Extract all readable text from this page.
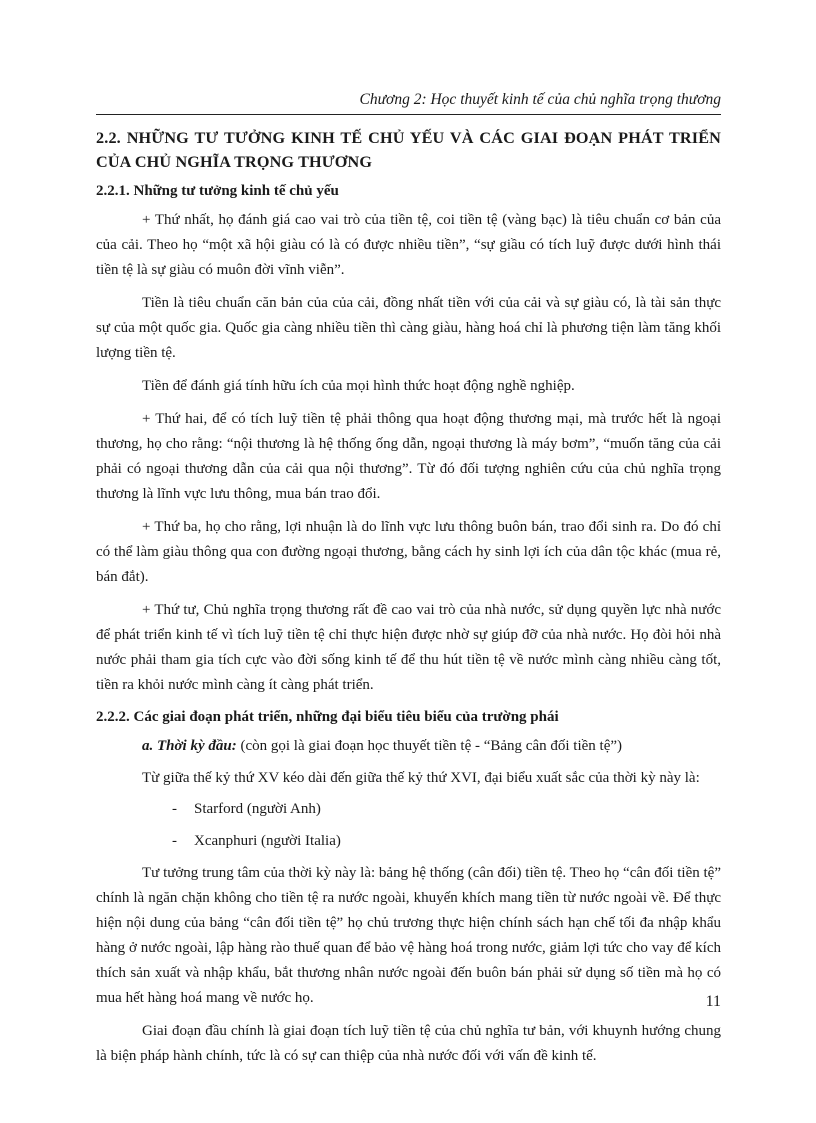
Chương 2: Học thuyết kinh tế của chủ nghĩa trọng thương
2.2. NHỮNG TƯ TƯỞNG KINH TẾ CHỦ YẾU VÀ CÁC GIAI ĐOẠN PHÁT TRIỂN CỦA CHỦ NGHĨA TRỌNG THƯƠNG
2.2.1. Những tư tưởng kinh tế chủ yếu

+ Thứ nhất, họ đánh giá cao vai trò của tiền tệ, coi tiền tệ (vàng bạc) là tiêu chuẩn cơ bản của của cải. Theo họ “một xã hội giàu có là có được nhiều tiền”, “sự giầu có tích luỹ được dưới hình thái tiền tệ là sự giàu có muôn đời vĩnh viễn”.

Tiền là tiêu chuẩn căn bản của của cải, đồng nhất tiền với của cải và sự giàu có, là tài sản thực sự của một quốc gia. Quốc gia càng nhiều tiền thì càng giàu, hàng hoá chỉ là phương tiện làm tăng khối lượng tiền tệ.

Tiền để đánh giá tính hữu ích của mọi hình thức hoạt động nghề nghiệp.

+ Thứ hai, để có tích luỹ tiền tệ phải thông qua hoạt động thương mại, mà trước hết là ngoại thương, họ cho rằng: “nội thương là hệ thống ống dẫn, ngoại thương là máy bơm”, “muốn tăng của cải phải có ngoại thương dẫn của cải qua nội thương”. Từ đó đối tượng nghiên cứu của chủ nghĩa trọng thương là lĩnh vực lưu thông, mua bán trao đổi.

+ Thứ ba, họ cho rằng, lợi nhuận là do lĩnh vực lưu thông buôn bán, trao đổi sinh ra. Do đó chỉ có thể làm giàu thông qua con đường ngoại thương, bằng cách hy sinh lợi ích của dân tộc khác (mua rẻ, bán đắt).

+ Thứ tư, Chủ nghĩa trọng thương rất đề cao vai trò của nhà nước, sử dụng quyền lực nhà nước để phát triển kinh tế vì tích luỹ tiền tệ chỉ thực hiện được nhờ sự giúp đỡ của nhà nước. Họ đòi hỏi nhà nước phải tham gia tích cực vào đời sống kinh tế để thu hút tiền tệ về nước mình càng nhiều càng tốt, tiền ra khỏi nước mình càng ít càng phát triển.

2.2.2. Các giai đoạn phát triển, những đại biểu tiêu biểu của trường phái
a. Thời kỳ đầu: (còn gọi là giai đoạn học thuyết tiền tệ - “Bảng cân đối tiền tệ”)

Từ giữa thế kỷ thứ XV kéo dài đến giữa thế kỷ thứ XVI, đại biểu xuất sắc của thời kỳ này là:

- Starford (người Anh)
- Xcanphuri (người Italia)

Tư tưởng trung tâm của thời kỳ này là: bảng hệ thống (cân đối) tiền tệ. Theo họ “cân đối tiền tệ” chính là ngăn chặn không cho tiền tệ ra nước ngoài, khuyến khích mang tiền từ nước ngoài về. Để thực hiện nội dung của bảng “cân đối tiền tệ” họ chủ trương thực hiện chính sách hạn chế tối đa nhập khẩu hàng ở nước ngoài, lập hàng rào thuế quan để bảo vệ hàng hoá trong nước, giảm lợi tức cho vay để kích thích sản xuất và nhập khẩu, bắt thương nhân nước ngoài đến buôn bán phải sử dụng số tiền mà họ có mua hết hàng hoá mang về nước họ.

Giai đoạn đầu chính là giai đoạn tích luỹ tiền tệ của chủ nghĩa tư bản, với khuynh hướng chung là biện pháp hành chính, tức là có sự can thiệp của nhà nước đối với vấn đề kinh tế.

11
